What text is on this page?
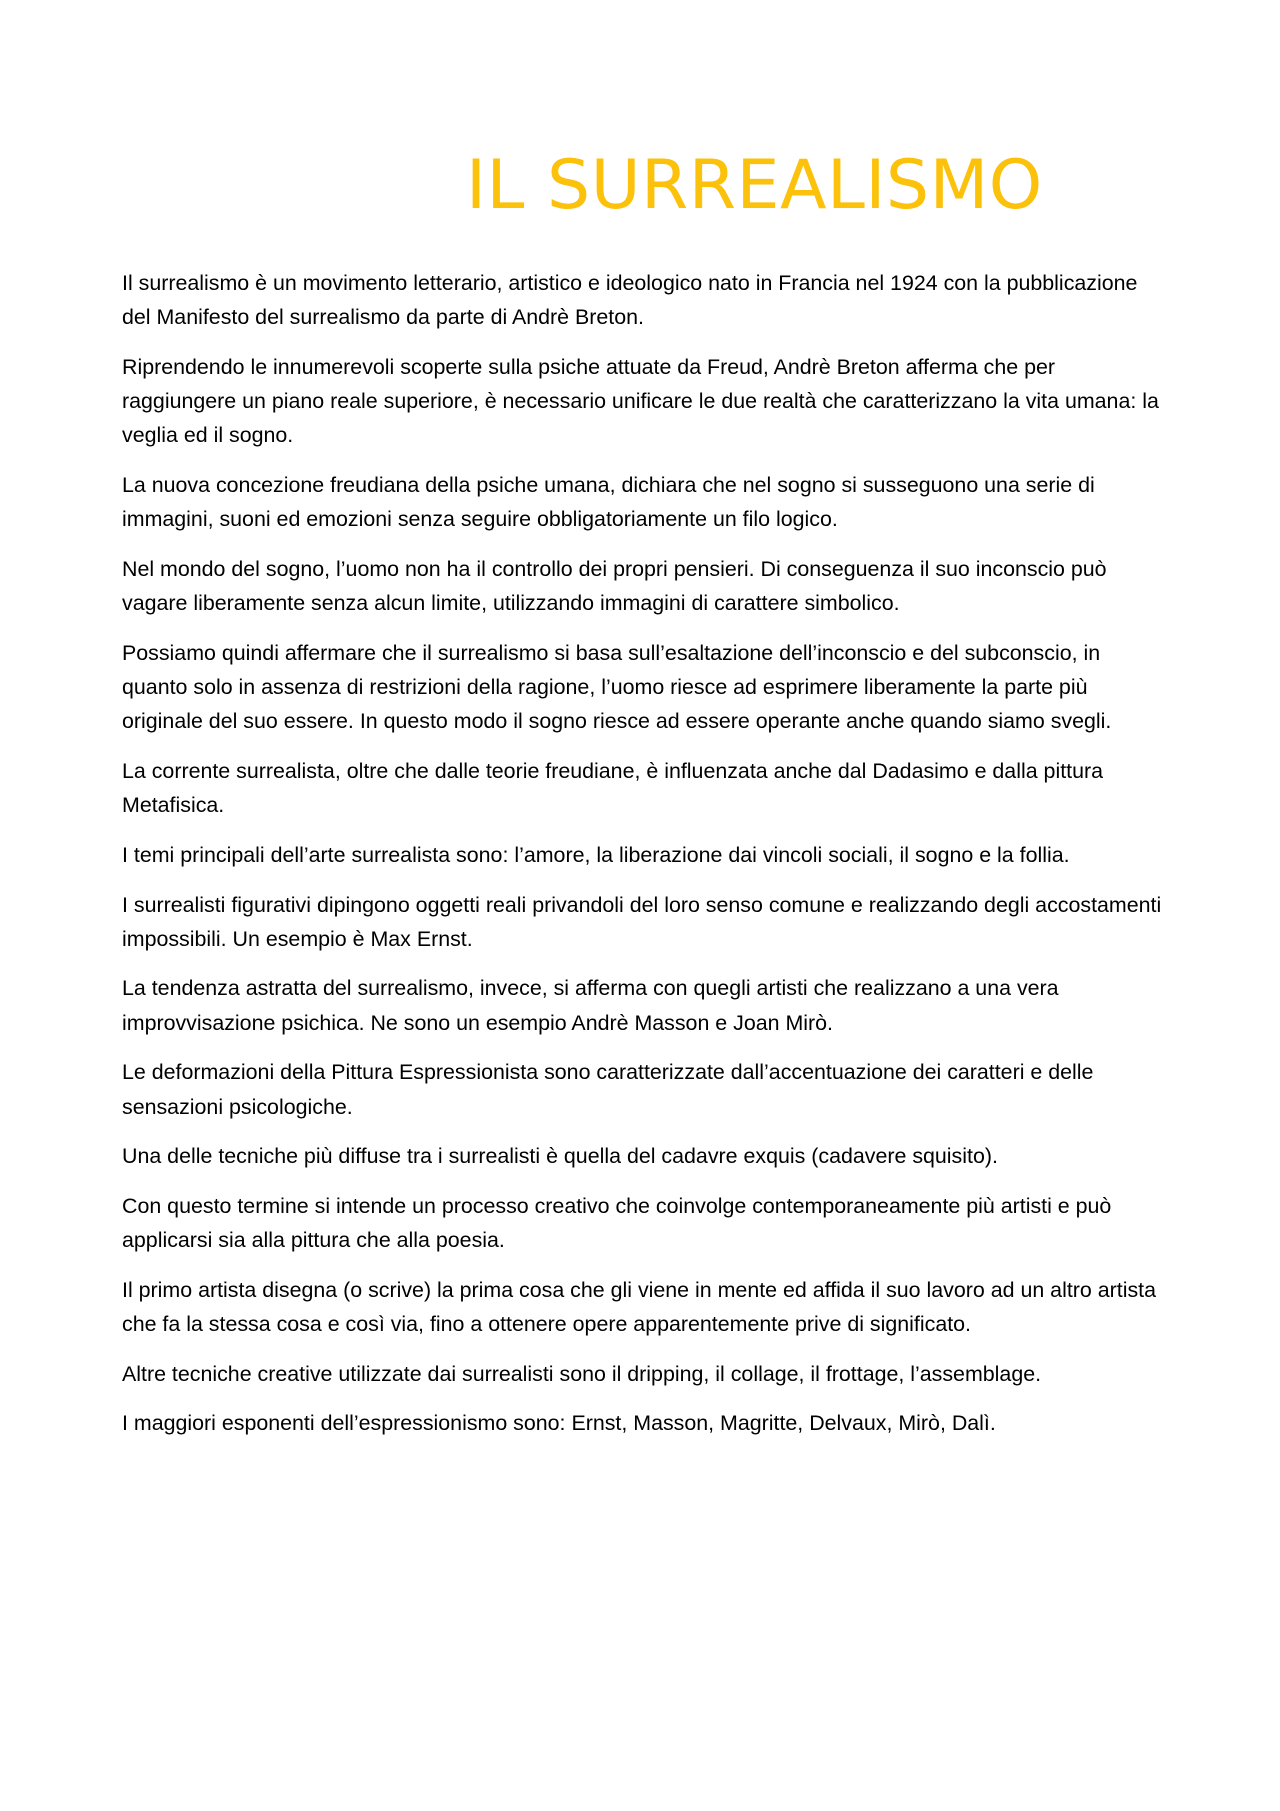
IL SURREALISMO

Il surrealismo è un movimento letterario, artistico e ideologico nato in Francia nel 1924 con la pubblicazione del Manifesto del surrealismo da parte di Andrè Breton.

Riprendendo le innumerevoli scoperte sulla psiche attuate da Freud, Andrè Breton afferma che per raggiungere un piano reale superiore, è necessario unificare le due realtà che caratterizzano la vita umana: la veglia ed il sogno.

La nuova concezione freudiana della psiche umana, dichiara che nel sogno si susseguono una serie di immagini, suoni ed emozioni senza seguire obbligatoriamente un filo logico.

Nel mondo del sogno, l’uomo non ha il controllo dei propri pensieri. Di conseguenza il suo inconscio può vagare liberamente senza alcun limite, utilizzando immagini di carattere simbolico.

Possiamo quindi affermare che il surrealismo si basa sull’esaltazione dell’inconscio e del subconscio, in quanto solo in assenza di restrizioni della ragione, l’uomo riesce ad esprimere liberamente la parte più originale del suo essere. In questo modo il sogno riesce ad essere operante anche quando siamo svegli.

La corrente surrealista, oltre che dalle teorie freudiane, è influenzata anche dal Dadasimo e dalla pittura Metafisica.

I temi principali dell’arte surrealista sono: l’amore, la liberazione dai vincoli sociali, il sogno e la follia.

I surrealisti figurativi dipingono oggetti reali privandoli del loro senso comune e realizzando degli accostamenti impossibili. Un esempio è Max Ernst.

La tendenza astratta del surrealismo, invece, si afferma con quegli artisti che realizzano a una vera improvvisazione psichica. Ne sono un esempio Andrè Masson e Joan Mirò.

Le deformazioni della Pittura Espressionista sono caratterizzate dall’accentuazione dei caratteri e delle sensazioni psicologiche.

Una delle tecniche più diffuse tra i surrealisti è quella del cadavre exquis (cadavere squisito).

Con questo termine si intende un processo creativo che coinvolge contemporaneamente più artisti e può applicarsi sia alla pittura che alla poesia.

Il primo artista disegna (o scrive) la prima cosa che gli viene in mente ed affida il suo lavoro ad un altro artista che fa la stessa cosa e così via, fino a ottenere opere apparentemente prive di significato.

Altre tecniche creative utilizzate dai surrealisti sono il dripping, il collage, il frottage, l’assemblage.

I maggiori esponenti dell’espressionismo sono: Ernst, Masson, Magritte, Delvaux, Mirò, Dalì.
